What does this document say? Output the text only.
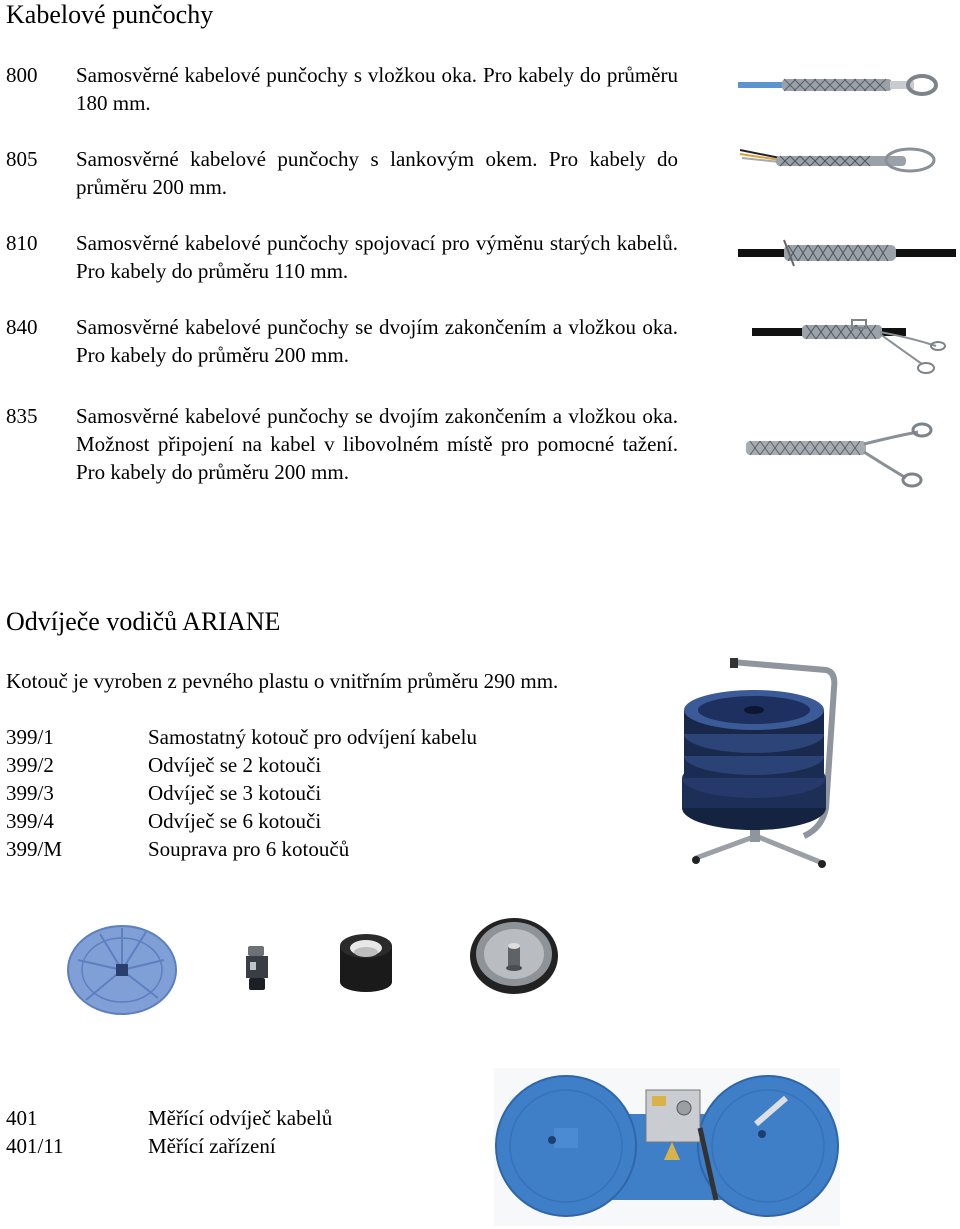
Kabelové punčochy
800 Samosvěrné kabelové punčochy s vložkou oka. Pro kabely do průměru 180 mm.
805 Samosvěrné kabelové punčochy s lankovým okem. Pro kabely do průměru 200 mm.
810 Samosvěrné kabelové punčochy spojovací pro výměnu starých kabelů. Pro kabely do průměru 110 mm.
840 Samosvěrné kabelové punčochy se dvojím zakončením a vložkou oka. Pro kabely do průměru 200 mm.
835 Samosvěrné kabelové punčochy se dvojím zakončením a vložkou oka. Možnost připojení na kabel v libovolném místě pro pomocné tažení. Pro kabely do průměru 200 mm.
Odvíječe vodičů ARIANE
Kotouč je vyroben z pevného plastu o vnitřním průměru 290 mm.
399/1	Samostatný kotouč pro odvíjení kabelu
399/2	Odvíječ se 2 kotouči
399/3	Odvíječ se 3 kotouči
399/4	Odvíječ se 6 kotouči
399/M	Souprava pro 6 kotoučů
401	Měřící odvíječ kabelů
401/11	Měřící zařízení
